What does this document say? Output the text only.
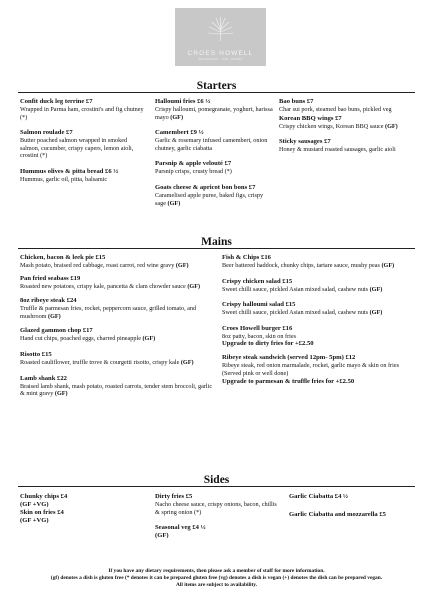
CROES HOWELL
RESTAURANT · BAR · ROOMS
Starters
Confit duck leg terrine £7
Wrapped in Parma ham, crostini's and fig chutney (*)
Salmon roulade £7
Butter poached salmon wrapped in smoked salmon, cucumber, crispy capers, lemon aioli, crostini (*)
Hummus olives & pitta bread £6 ½
Hummus, garlic oil, pitta, balsamic
Halloumi fries £6 ½
Crispy halloumi, pomegranate, yoghurt, harissa mayo (GF)
Camembert £9 ½
Garlic & rosemary infused camembert, onion chutney, garlic ciabatta
Parsnip & apple velouté £7
Parsnip crisps, crusty bread (*)
Goats cheese & apricot bon bons £7
Caramelised apple puree, baked figs, crispy sage (GF)
Bao buns £7
Char sui pork, steamed bao buns, pickled veg
Korean BBQ wings £7
Crispy chicken wings, Korean BBQ sauce (GF)
Sticky sausages £7
Honey & mustard roasted sausages, garlic aioli
Mains
Chicken, bacon & leek pie £15
Mash potato, braised red cabbage, roast carrot, red wine gravy (GF)
Pan fried seabass £19
Roasted new potatoes, crispy kale, pancetta & clam chowder sauce (GF)
8oz ribeye steak £24
Truffle & parmesan fries, rocket, peppercorn sauce, grilled tomato, and mushroom (GF)
Glazed gammon chop £17
Hand cut chips, poached eggs, charred pineapple (GF)
Risotto £15
Roasted cauliflower, truffle trove & courgetti risotto, crispy kale (GF)
Lamb shank £22
Braised lamb shank, mash potato, roasted carrots, tender stem broccoli, garlic & mint gravy (GF)
Fish & Chips £16
Beer battered haddock, chunky chips, tartare sauce, mushy peas (GF)
Crispy chicken salad £15
Sweet chilli sauce, pickled Asian mixed salad, cashew nuts (GF)
Crispy halloumi salad £15
Sweet chilli sauce, pickled Asian mixed salad, cashew nuts (GF)
Croes Howell burger £16
8oz patty, bacon, skin on fries
Upgrade to dirty fries for +£2.50
Ribeye steak sandwich (served 12pm- 5pm) £12
Ribeye steak, red onion marmalade, rocket, garlic mayo & skin on fries (Served pink or well done)
Upgrade to parmesan & truffle fries for +£2.50
Sides
Chunky chips £4
(GF +VG)
Skin on fries £4
(GF +VG)
Dirty fries £5
Nacho cheese sauce, crispy onions, bacon, chillis & spring onion (*)
Seasonal veg £4 ½
(GF)
Garlic Ciabatta £4 ½
Garlic Ciabatta and mozzarella £5
If you have any dietary requirements, then please ask a member of staff for more information.
(gf) denotes a dish is gluten free (* denotes it can be prepared gluten free (vg) denotes a dish is vegan (+) denotes the dish can be prepared vegan.
All items are subject to availability.
